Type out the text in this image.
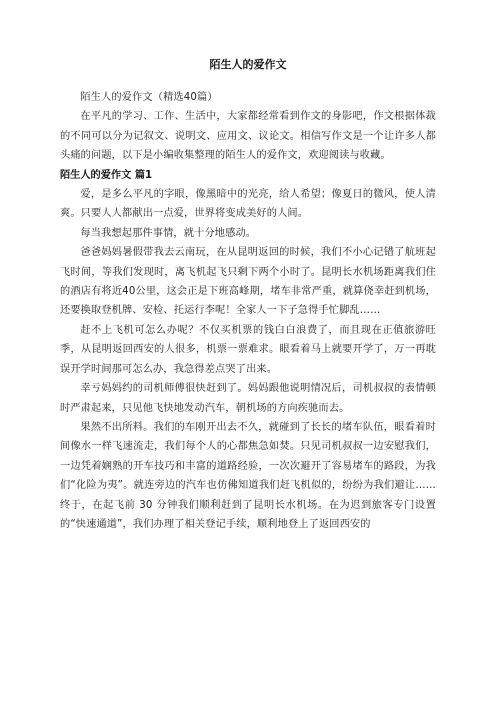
陌生人的爱作文

陌生人的爱作文（精选40篇）

在平凡的学习、工作、生活中，大家都经常看到作文的身影吧，作文根据体裁的不同可以分为记叙文、说明文、应用文、议论文。相信写作文是一个让许多人都头痛的问题，以下是小编收集整理的陌生人的爱作文，欢迎阅读与收藏。

陌生人的爱作文 篇1

爱，是多么平凡的字眼，像黑暗中的光亮，给人希望；像夏日的微风，使人清爽。只要人人都献出一点爱，世界将变成美好的人间。

每当我想起那件事情，就十分地感动。

爸爸妈妈暑假带我去云南玩，在从昆明返回的时候，我们不小心记错了航班起飞时间，等我们发现时，离飞机起飞只剩下两个小时了。昆明长水机场距离我们住的酒店有将近40公里，这会正是下班高峰期，堵车非常严重，就算侥幸赶到机场，还要换取登机牌、安检、托运行李呢！全家人一下子急得手忙脚乱……

赶不上飞机可怎么办呢？不仅买机票的钱白白浪费了，而且现在正值旅游旺季，从昆明返回西安的人很多，机票一票难求。眼看着马上就要开学了，万一再耽误开学时间那可怎么办，我急得差点哭了出来。

幸亏妈妈约的司机师傅很快赶到了。妈妈跟他说明情况后，司机叔叔的表情顿时严肃起来，只见他飞快地发动汽车，朝机场的方向疾驰而去。

果然不出所料。我们的车刚开出去不久，就碰到了长长的堵车队伍，眼看着时间像水一样飞速流走，我们每个人的心都焦急如焚。只见司机叔叔一边安慰我们，一边凭着娴熟的开车技巧和丰富的道路经验，一次次避开了容易堵车的路段，为我们“化险为夷”。就连旁边的汽车也仿佛知道我们赶飞机似的，纷纷为我们避让……终于，在起飞前 30 分钟我们顺利赶到了昆明长水机场。在为迟到旅客专门设置的“快速通道”，我们办理了相关登记手续，顺利地登上了返回西安的
